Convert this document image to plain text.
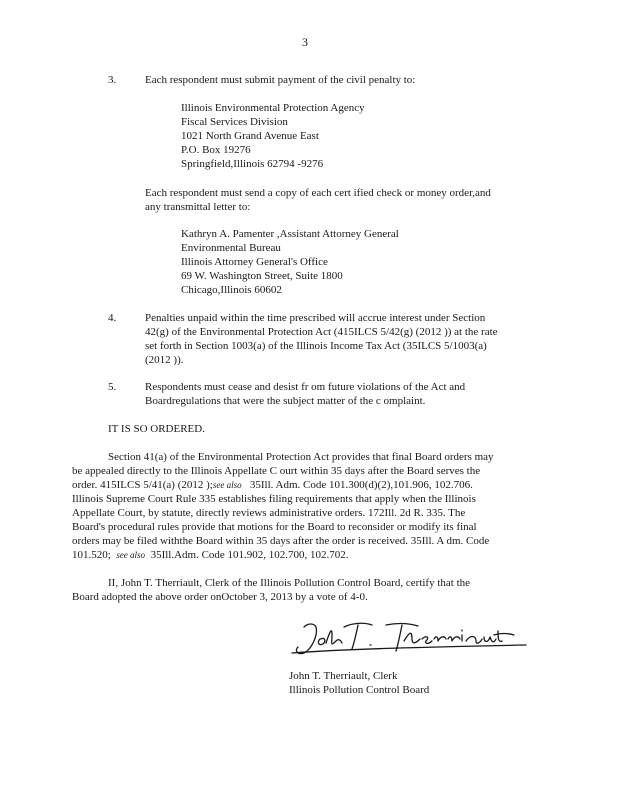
3
3.	Each respondent must submit payment of the civil penalty to:
Illinois Environmental Protection Agency
Fiscal Services Division
1021 North Grand Avenue East
P.O. Box 19276
Springfield,Illinois 62794 -9276
Each respondent must send a copy of each cert ified check or money order,and
any transmittal letter to:
Kathryn A. Pamenter ,Assistant Attorney General
Environmental Bureau
Illinois Attorney General's Office
69 W. Washington Street, Suite 1800
Chicago,Illinois 60602
4.	Penalties unpaid within the time prescribed will accrue interest under Section
42(g) of the Environmental Protection Act (415ILCS 5/42(g) (2012 )) at the rate
set forth in Section 1003(a) of the Illinois Income Tax Act (35ILCS 5/1003(a)
(2012 )).
5.	Respondents must cease and desist fr om future violations of the Act and
Boardregulations that were the subject matter of the c omplaint.
IT IS SO ORDERED.
Section 41(a) of the Environmental Protection Act provides that final Board orders may
be appealed directly to the Illinois Appellate C ourt within 35 days after the Board serves the
order. 415ILCS 5/41(a) (2012 );see also 35Ill. Adm. Code 101.300(d)(2),101.906, 102.706.
Illinois Supreme Court Rule 335 establishes filing requirements that apply when the Illinois
Appellate Court, by statute, directly reviews administrative orders. 172Ill. 2d R. 335. The
Board's procedural rules provide that motions for the Board to reconsider or modify its final
orders may be filed withthe Board within 35 days after the order is received. 35Ill. A dm. Code
101.520; see also 35Ill.Adm. Code 101.902, 102.700, 102.702.
II, John T. Therriault, Clerk of the Illinois Pollution Control Board, certify that the
Board adopted the above order onOctober 3, 2013 by a vote of 4-0.
John T. Therriault, Clerk
Illinois Pollution Control Board
